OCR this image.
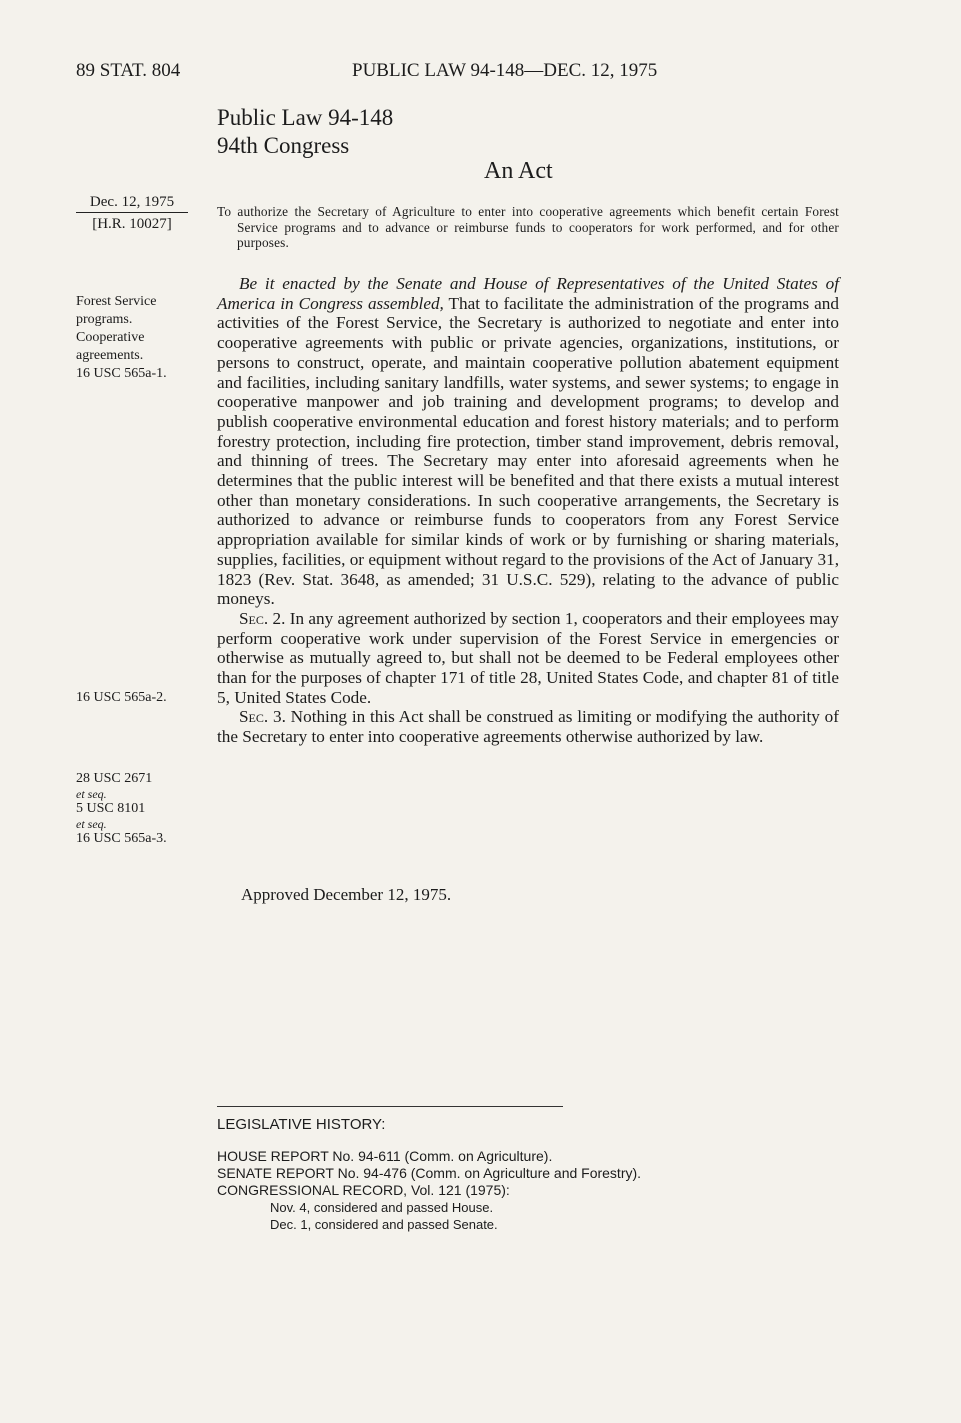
89 STAT. 804	PUBLIC LAW 94-148—DEC. 12, 1975
Public Law 94-148
94th Congress
An Act
Dec. 12, 1975
[H.R. 10027]
Forest Service
programs.
Cooperative
agreements.
16 USC 565a-1.
16 USC 565a-2.
28 USC 2671
et seq.
5 USC 8101
et seq.
16 USC 565a-3.
To authorize the Secretary of Agriculture to enter into cooperative agreements which benefit certain Forest Service programs and to advance or reimburse funds to cooperators for work performed, and for other purposes.

Be it enacted by the Senate and House of Representatives of the United States of America in Congress assembled, That to facilitate the administration of the programs and activities of the Forest Service, the Secretary is authorized to negotiate and enter into cooperative agreements with public or private agencies, organizations, institutions, or persons to construct, operate, and maintain cooperative pollution abatement equipment and facilities, including sanitary landfills, water systems, and sewer systems; to engage in cooperative manpower and job training and development programs; to develop and publish cooperative environmental education and forest history materials; and to perform forestry protection, including fire protection, timber stand improvement, debris removal, and thinning of trees. The Secretary may enter into aforesaid agreements when he determines that the public interest will be benefited and that there exists a mutual interest other than monetary considerations. In such cooperative arrangements, the Secretary is authorized to advance or reimburse funds to cooperators from any Forest Service appropriation available for similar kinds of work or by furnishing or sharing materials, supplies, facilities, or equipment without regard to the provisions of the Act of January 31, 1823 (Rev. Stat. 3648, as amended; 31 U.S.C. 529), relating to the advance of public moneys.

Sec. 2. In any agreement authorized by section 1, cooperators and their employees may perform cooperative work under supervision of the Forest Service in emergencies or otherwise as mutually agreed to, but shall not be deemed to be Federal employees other than for the purposes of chapter 171 of title 28, United States Code, and chapter 81 of title 5, United States Code.

Sec. 3. Nothing in this Act shall be construed as limiting or modifying the authority of the Secretary to enter into cooperative agreements otherwise authorized by law.

Approved December 12, 1975.
LEGISLATIVE HISTORY:
HOUSE REPORT No. 94-611 (Comm. on Agriculture).
SENATE REPORT No. 94-476 (Comm. on Agriculture and Forestry).
CONGRESSIONAL RECORD, Vol. 121 (1975):
Nov. 4, considered and passed House.
Dec. 1, considered and passed Senate.
